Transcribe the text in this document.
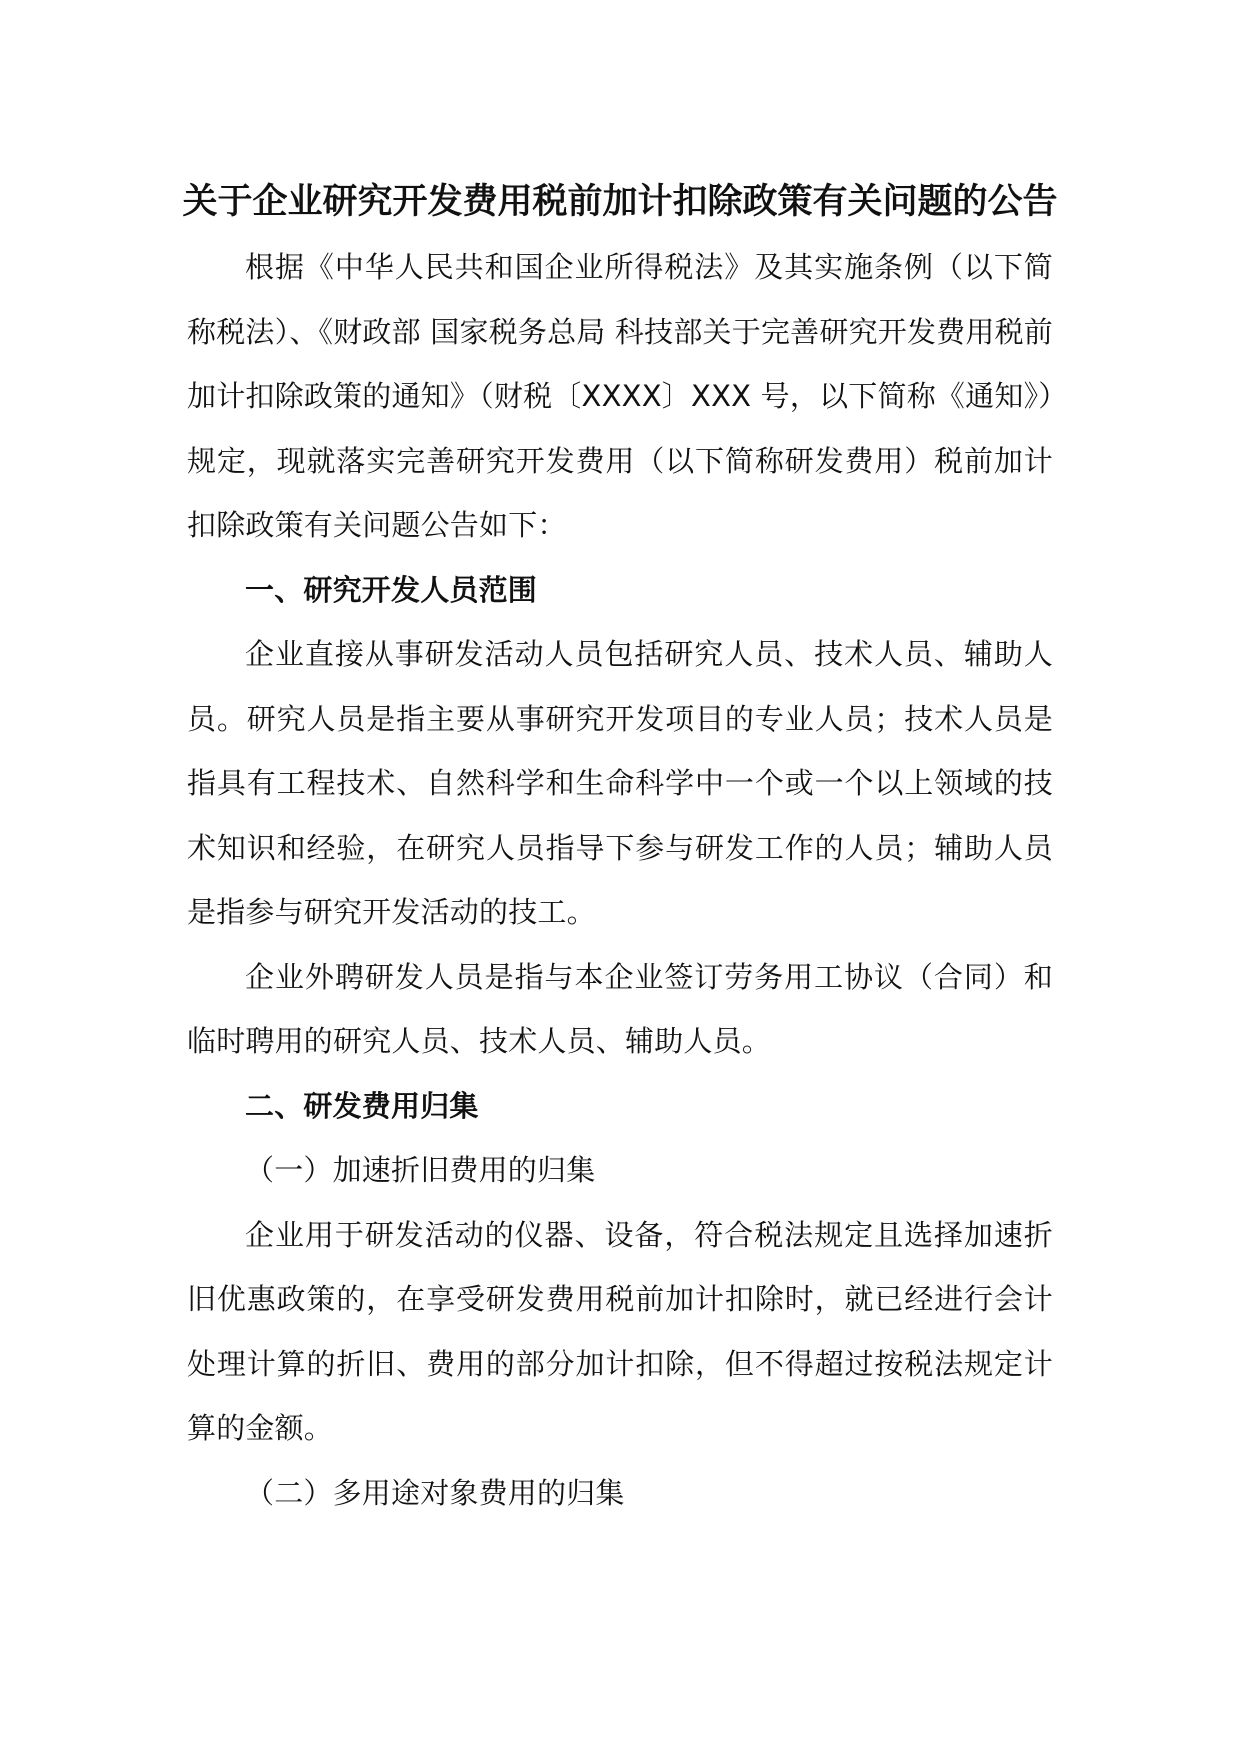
关于企业研究开发费用税前加计扣除政策有关问题的公告

根据《中华人民共和国企业所得税法》及其实施条例（以下简称税法）、《财政部 国家税务总局 科技部关于完善研究开发费用税前加计扣除政策的通知》（财税〔XXXX〕XXX 号，以下简称《通知》）规定，现就落实完善研究开发费用（以下简称研发费用）税前加计扣除政策有关问题公告如下：

一、研究开发人员范围

企业直接从事研发活动人员包括研究人员、技术人员、辅助人员。研究人员是指主要从事研究开发项目的专业人员；技术人员是指具有工程技术、自然科学和生命科学中一个或一个以上领域的技术知识和经验，在研究人员指导下参与研发工作的人员；辅助人员是指参与研究开发活动的技工。

企业外聘研发人员是指与本企业签订劳务用工协议（合同）和临时聘用的研究人员、技术人员、辅助人员。

二、研发费用归集

（一）加速折旧费用的归集

企业用于研发活动的仪器、设备，符合税法规定且选择加速折旧优惠政策的，在享受研发费用税前加计扣除时，就已经进行会计处理计算的折旧、费用的部分加计扣除，但不得超过按税法规定计算的金额。

（二）多用途对象费用的归集
